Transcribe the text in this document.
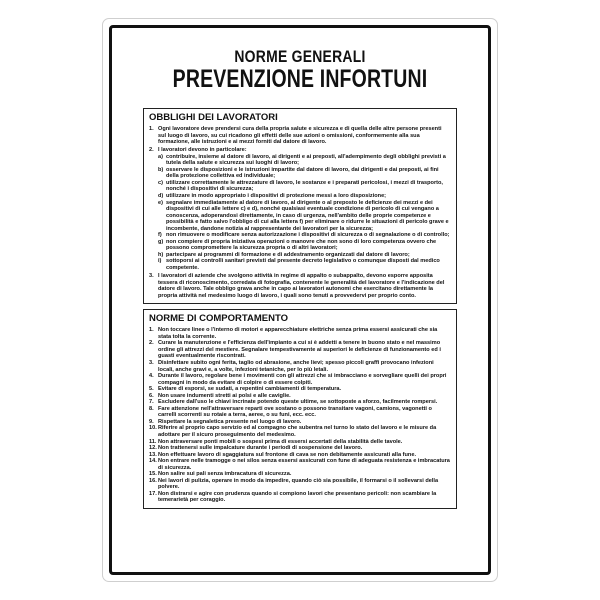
NORME GENERALI
PREVENZIONE INFORTUNI
OBBLIGHI DEI LAVORATORI
1. Ogni lavoratore deve prendersi cura della propria salute e sicurezza e di quella delle altre persone presenti sul luogo di lavoro, su cui ricadono gli effetti delle sue azioni o omissioni, conformemente alla sua formazione, alle istruzioni e ai mezzi forniti dal datore di lavoro.
2. I lavoratori devono in particolare:
a) contribuire, insieme al datore di lavoro, ai dirigenti e ai preposti, all'adempimento degli obblighi previsti a tutela della salute e sicurezza sui luoghi di lavoro;
b) osservare le disposizioni e le istruzioni impartite dal datore di lavoro, dai dirigenti e dai preposti, ai fini della protezione collettiva ed individuale;
c) utilizzare correttamente le attrezzature di lavoro, le sostanze e i preparati pericolosi, i mezzi di trasporto, nonché i dispositivi di sicurezza;
d) utilizzare in modo appropriato i dispositivi di protezione messi a loro disposizione;
e) segnalare immediatamente al datore di lavoro, al dirigente o al preposto le deficienze dei mezzi e dei dispositivi di cui alle lettere c) e d), nonché qualsiasi eventuale condizione di pericolo di cui vengano a conoscenza, adoperandosi direttamente, in caso di urgenza, nell'ambito delle proprie competenze e possibilità e fatto salvo l'obbligo di cui alla lettera f) per eliminare o ridurre le situazioni di pericolo grave e incombente, dandone notizia al rappresentante dei lavoratori per la sicurezza;
f) non rimuovere o modificare senza autorizzazione i dispositivi di sicurezza o di segnalazione o di controllo;
g) non compiere di propria iniziativa operazioni o manovre che non sono di loro competenza ovvero che possono compromettere la sicurezza propria o di altri lavoratori;
h) partecipare ai programmi di formazione e di addestramento organizzati dal datore di lavoro;
i) sottoporsi ai controlli sanitari previsti dal presente decreto legislativo o comunque disposti dal medico competente.
3. I lavoratori di aziende che svolgono attività in regime di appalto o subappalto, devono esporre apposita tessera di riconoscimento, corredata di fotografia, contenente le generalità del lavoratore e l'indicazione del datore di lavoro. Tale obbligo grava anche in capo ai lavoratori autonomi che esercitano direttamente la propria attività nel medesimo luogo di lavoro, i quali sono tenuti a provvedervi per proprio conto.
NORME DI COMPORTAMENTO
1. Non toccare linee o l'interno di motori e apparecchiature elettriche senza prima essersi assicurati che sia stata tolta la corrente.
2. Curare la manutenzione e l'efficienza dell'impianto a cui si è addetti a tenere in buono stato e nel massimo ordine gli attrezzi del mestiere. Segnalare tempestivamente ai superiori le deficienze di funzionamento ed i guasti eventualmente riscontrati.
3. Disinfettare subito ogni ferita, taglio od abrasione, anche lievi; spesso piccoli graffi provocano infezioni locali, anche gravi e, a volte, infezioni tetaniche, per lo più letali.
4. Durante il lavoro, regolare bene i movimenti con gli attrezzi che si imbracciano e sorvegliare quelli dei propri compagni in modo da evitare di colpire o di essere colpiti.
5. Evitare di esporsi, se sudati, a repentini cambiamenti di temperatura.
6. Non usare indumenti stretti ai polsi e alle caviglie.
7. Escludere dall'uso le chiavi incrinate potendo queste ultime, se sottoposte a sforzo, facilmente rompersi.
8. Fare attenzione nell'attraversare reparti ove sostano o possono transitare vagoni, camions, vagonetti o carrelli scorrenti su rotaie a terra, aeree, o su funi, ecc. ecc.
9. Rispettare la segnaletica presente nel luogo di lavoro.
10. Riferire al proprio capo servizio ed al compagno che subentra nel turno lo stato del lavoro e le misure da adottare per il sicuro proseguimento del medesimo.
11. Non attraversare ponti mobili o sospesi prima di essersi accertati della stabilità delle tavole.
12. Non trattenersi sulle impalcature durante i periodi di sospensione del lavoro.
13. Non effettuare lavoro di sgaggiatura sul frontone di cava se non debitamente assicurati alla fune.
14. Non entrare nelle tramogge o nei silos senza essersi assicurati con fune di adeguata resistenza e imbracatura di sicurezza.
15. Non salire sui pali senza imbracatura di sicurezza.
16. Nei lavori di pulizia, operare in modo da impedire, quando ciò sia possibile, il formarsi o il sollevarsi della polvere.
17. Non distrarsi e agire con prudenza quando si compiono lavori che presentano pericoli: non scambiare la temerarietà per coraggio.
